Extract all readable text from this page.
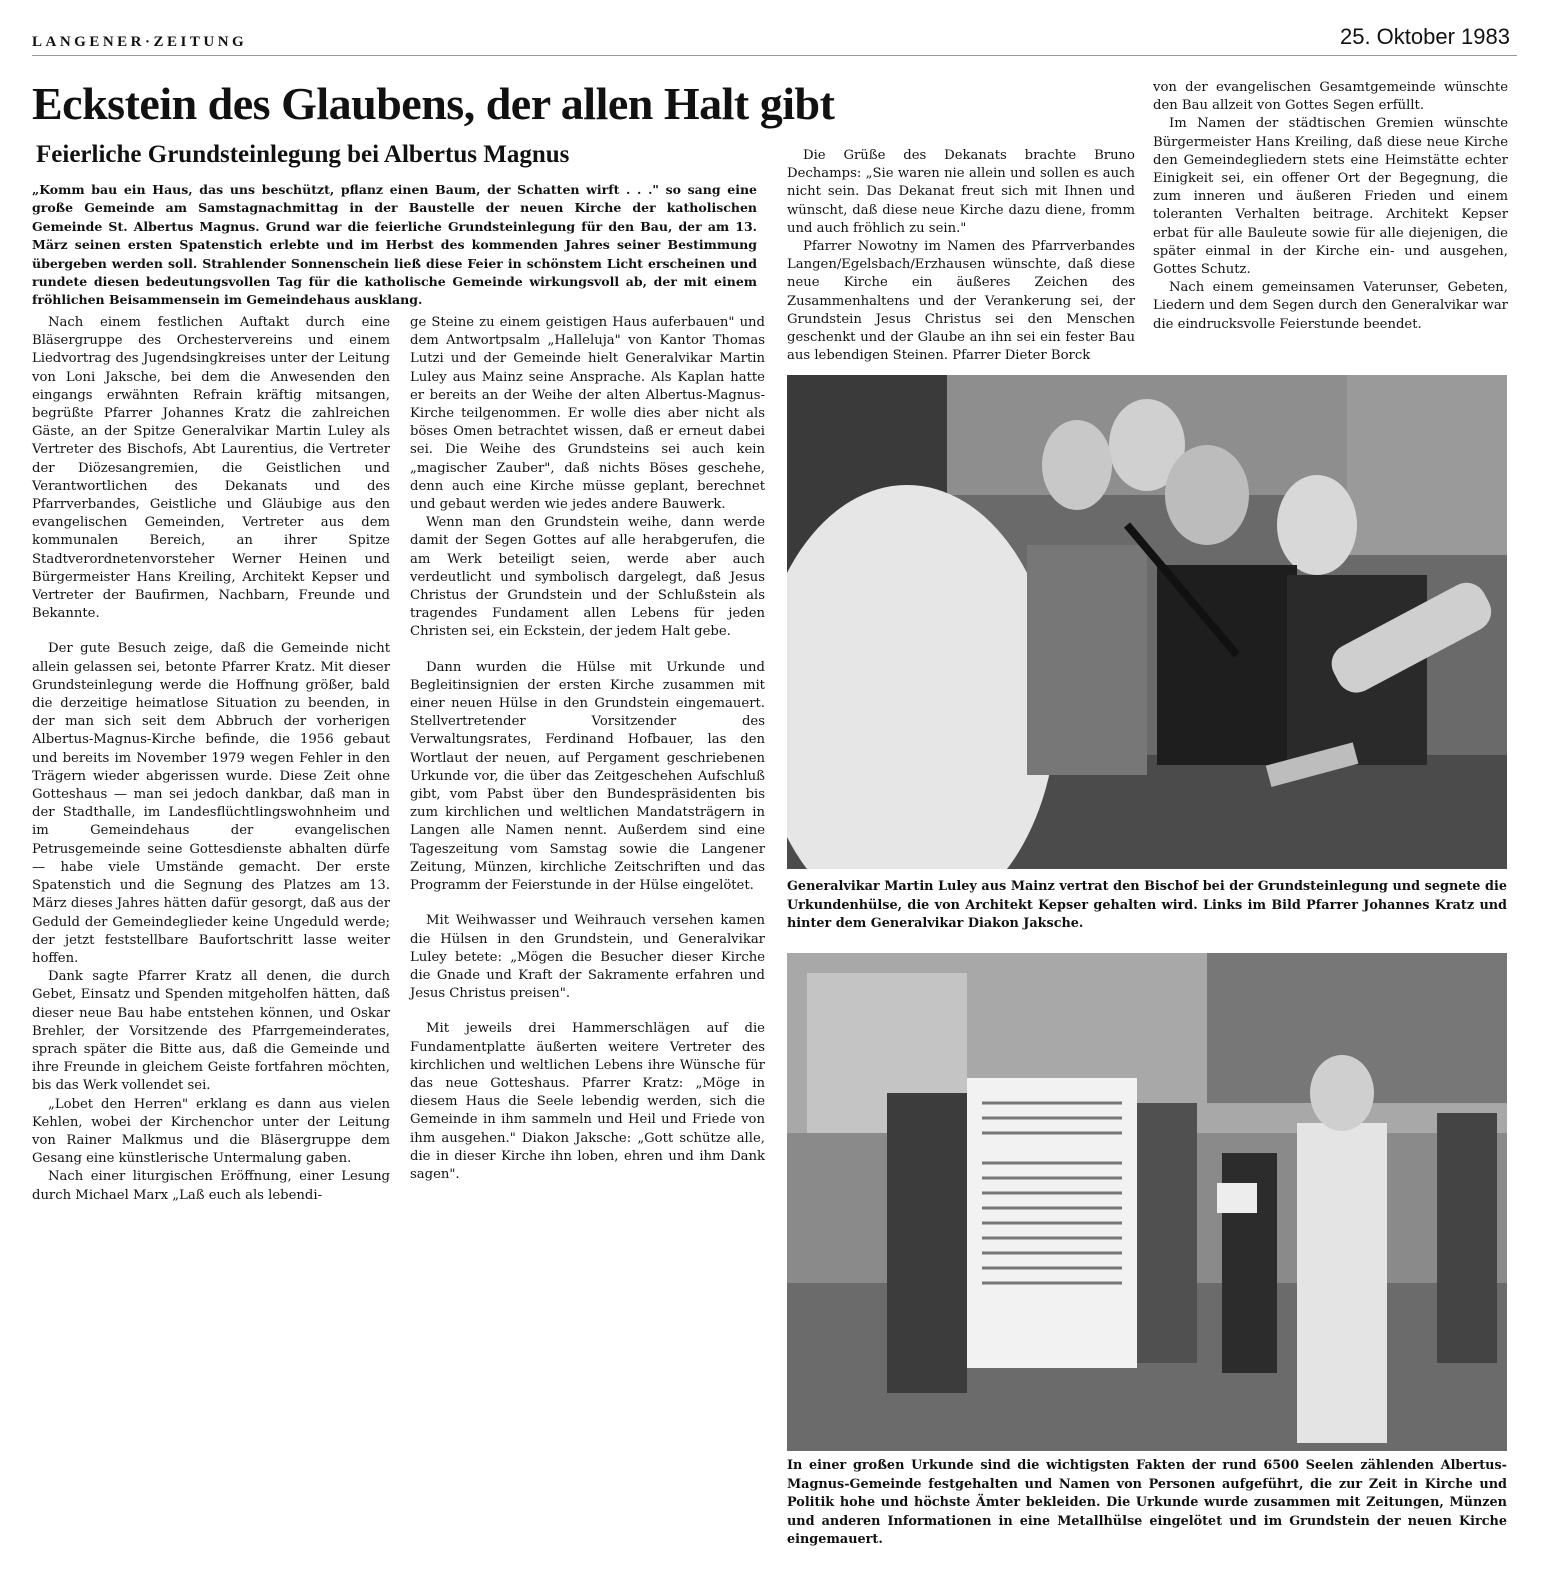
LANGENER·ZEITUNG	25. Oktober 1983
Eckstein des Glaubens, der allen Halt gibt
Feierliche Grundsteinlegung bei Albertus Magnus
„Komm bau ein Haus, das uns beschützt, pflanz einen Baum, der Schatten wirft . . ." so sang eine große Gemeinde am Samstagnachmittag in der Baustelle der neuen Kirche der katholischen Gemeinde St. Albertus Magnus. Grund war die feierliche Grundsteinlegung für den Bau, der am 13. März seinen ersten Spatenstich erlebte und im Herbst des kommenden Jahres seiner Bestimmung übergeben werden soll. Strahlender Sonnenschein ließ diese Feier in schönstem Licht erscheinen und rundete diesen bedeutungsvollen Tag für die katholische Gemeinde wirkungsvoll ab, der mit einem fröhlichen Beisammensein im Gemeindehaus ausklang.

Nach einem festlichen Auftakt durch eine Bläsergruppe des Orchestervereins und einem Liedvortrag des Jugendsingkreises unter der Leitung von Loni Jaksche, bei dem die Anwesenden den eingangs erwähnten Refrain kräftig mitsangen, begrüßte Pfarrer Johannes Kratz die zahlreichen Gäste, an der Spitze Generalvikar Martin Luley als Vertreter des Bischofs, Abt Laurentius, die Vertreter der Diözesangremien, die Geistlichen und Verantwortlichen des Dekanats und des Pfarrverbandes, Geistliche und Gläubige aus den evangelischen Gemeinden, Vertreter aus dem kommunalen Bereich, an ihrer Spitze Stadtverordnetenvorsteher Werner Heinen und Bürgermeister Hans Kreiling, Architekt Kepser und Vertreter der Baufirmen, Nachbarn, Freunde und Bekannte.

Der gute Besuch zeige, daß die Gemeinde nicht allein gelassen sei, betonte Pfarrer Kratz. Mit dieser Grundsteinlegung werde die Hoffnung größer, bald die derzeitige heimatlose Situation zu beenden, in der man sich seit dem Abbruch der vorherigen Albertus-Magnus-Kirche befinde, die 1956 gebaut und bereits im November 1979 wegen Fehler in den Trägern wieder abgerissen wurde. Diese Zeit ohne Gotteshaus — man sei jedoch dankbar, daß man in der Stadthalle, im Landesflüchtlingswohnheim und im Gemeindehaus der evangelischen Petrusgemeinde seine Gottesdienste abhalten dürfe — habe viele Umstände gemacht. Der erste Spatenstich und die Segnung des Platzes am 13. März dieses Jahres hätten dafür gesorgt, daß aus der Geduld der Gemeindeglieder keine Ungeduld werde; der jetzt feststellbare Baufortschritt lasse weiter hoffen.

Dank sagte Pfarrer Kratz all denen, die durch Gebet, Einsatz und Spenden mitgeholfen hätten, daß dieser neue Bau habe entstehen können, und Oskar Brehler, der Vorsitzende des Pfarrgemeinderates, sprach später die Bitte aus, daß die Gemeinde und ihre Freunde in gleichem Geiste fortfahren möchten, bis das Werk vollendet sei.

„Lobet den Herren" erklang es dann aus vielen Kehlen, wobei der Kirchenchor unter der Leitung von Rainer Malkmus und die Bläsergruppe dem Gesang eine künstlerische Untermalung gaben.

Nach einer liturgischen Eröffnung, einer Lesung durch Michael Marx „Laß euch als lebendi-

ge Steine zu einem geistigen Haus auferbauen" und dem Antwortpsalm „Halleluja" von Kantor Thomas Lutzi und der Gemeinde hielt Generalvikar Martin Luley aus Mainz seine Ansprache. Als Kaplan hatte er bereits an der Weihe der alten Albertus-Magnus-Kirche teilgenommen. Er wolle dies aber nicht als böses Omen betrachtet wissen, daß er erneut dabei sei. Die Weihe des Grundsteins sei auch kein „magischer Zauber", daß nichts Böses geschehe, denn auch eine Kirche müsse geplant, berechnet und gebaut werden wie jedes andere Bauwerk.

Wenn man den Grundstein weihe, dann werde damit der Segen Gottes auf alle herabgerufen, die am Werk beteiligt seien, werde aber auch verdeutlicht und symbolisch dargelegt, daß Jesus Christus der Grundstein und der Schlußstein als tragendes Fundament allen Lebens für jeden Christen sei, ein Eckstein, der jedem Halt gebe.

Dann wurden die Hülse mit Urkunde und Begleitinsignien der ersten Kirche zusammen mit einer neuen Hülse in den Grundstein eingemauert. Stellvertretender Vorsitzender des Verwaltungsrates, Ferdinand Hofbauer, las den Wortlaut der neuen, auf Pergament geschriebenen Urkunde vor, die über das Zeitgeschehen Aufschluß gibt, vom Pabst über den Bundespräsidenten bis zum kirchlichen und weltlichen Mandatsträgern in Langen alle Namen nennt. Außerdem sind eine Tageszeitung vom Samstag sowie die Langener Zeitung, Münzen, kirchliche Zeitschriften und das Programm der Feierstunde in der Hülse eingelötet.

Mit Weihwasser und Weihrauch versehen kamen die Hülsen in den Grundstein, und Generalvikar Luley betete: „Mögen die Besucher dieser Kirche die Gnade und Kraft der Sakramente erfahren und Jesus Christus preisen".

Mit jeweils drei Hammerschlägen auf die Fundamentplatte äußerten weitere Vertreter des kirchlichen und weltlichen Lebens ihre Wünsche für das neue Gotteshaus. Pfarrer Kratz: „Möge in diesem Haus die Seele lebendig werden, sich die Gemeinde in ihm sammeln und Heil und Friede von ihm ausgehen." Diakon Jaksche: „Gott schütze alle, die in dieser Kirche ihn loben, ehren und ihm Dank sagen".

Die Grüße des Dekanats brachte Bruno Dechamps: „Sie waren nie allein und sollen es auch nicht sein. Das Dekanat freut sich mit Ihnen und wünscht, daß diese neue Kirche dazu diene, fromm und auch fröhlich zu sein."

Pfarrer Nowotny im Namen des Pfarrverbandes Langen/Egelsbach/Erzhausen wünschte, daß diese neue Kirche ein äußeres Zeichen des Zusammenhaltens und der Verankerung sei, der Grundstein Jesus Christus sei den Menschen geschenkt und der Glaube an ihn sei ein fester Bau aus lebendigen Steinen. Pfarrer Dieter Borck

von der evangelischen Gesamtgemeinde wünschte den Bau allzeit von Gottes Segen erfüllt.

Im Namen der städtischen Gremien wünschte Bürgermeister Hans Kreiling, daß diese neue Kirche den Gemeindegliedern stets eine Heimstätte echter Einigkeit sei, ein offener Ort der Begegnung, die zum inneren und äußeren Frieden und einem toleranten Verhalten beitrage. Architekt Kepser erbat für alle Bauleute sowie für alle diejenigen, die später einmal in der Kirche ein- und ausgehen, Gottes Schutz.

Nach einem gemeinsamen Vaterunser, Gebeten, Liedern und dem Segen durch den Generalvikar war die eindrucksvolle Feierstunde beendet.

Generalvikar Martin Luley aus Mainz vertrat den Bischof bei der Grundsteinlegung und segnete die Urkundenhülse, die von Architekt Kepser gehalten wird. Links im Bild Pfarrer Johannes Kratz und hinter dem Generalvikar Diakon Jaksche.
In einer großen Urkunde sind die wichtigsten Fakten der rund 6500 Seelen zählenden Albertus-Magnus-Gemeinde festgehalten und Namen von Personen aufgeführt, die zur Zeit in Kirche und Politik hohe und höchste Ämter bekleiden. Die Urkunde wurde zusammen mit Zeitungen, Münzen und anderen Informationen in eine Metallhülse eingelötet und im Grundstein der neuen Kirche eingemauert.
